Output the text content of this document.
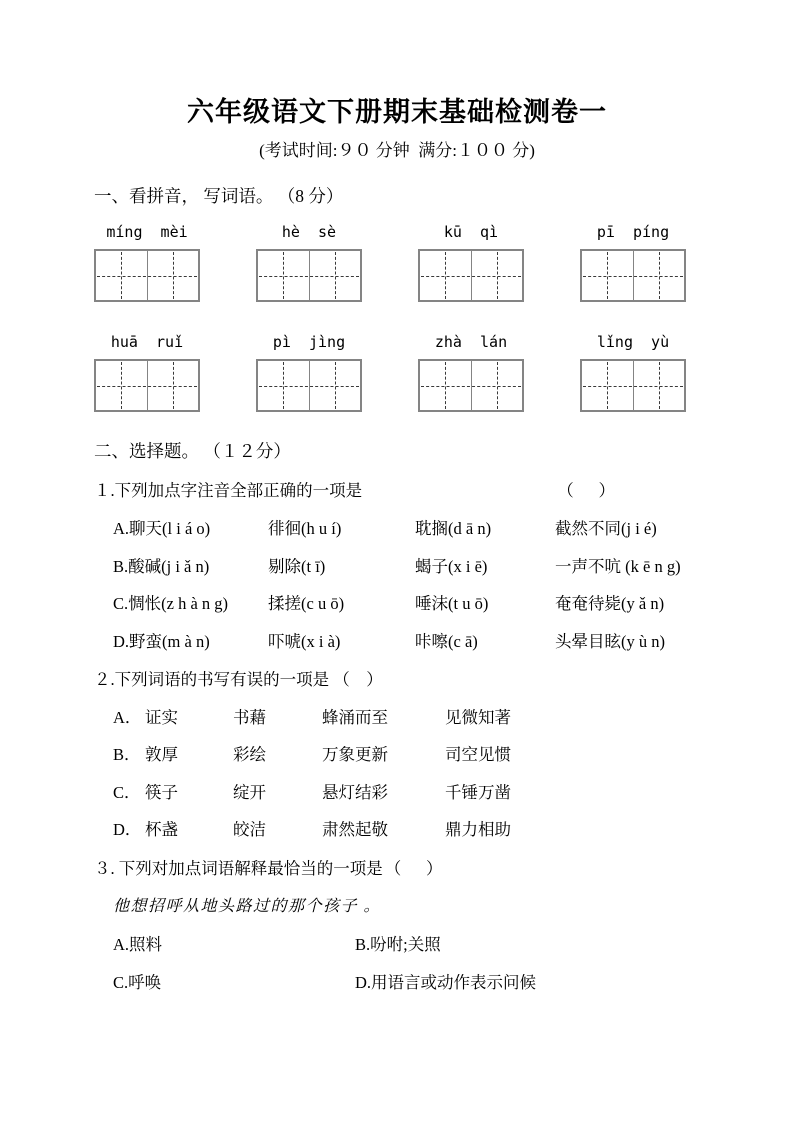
六年级语文下册期末基础检测卷一
(考试时间:９０ 分钟  满分:１００ 分)
一、看拼音， 写词语。 （8 分）
míng  mèi	hè  sè	kū  qì	pī  píng
huā  ruǐ	pì  jìng	zhà  lán	lǐng  yù
二、选择题。 （１２分）
１.下列加点字注音全部正确的一项是	（      ）
A.聊天(l i á o)	徘徊(h u í)	耽搁(d ā n)	截然不同(j i é)
B.酸碱(j i ǎ n)	剔除(t ī)	蝎子(x i ē)	一声不吭 (k ē n g)
C.惆怅(z h à n g)	揉搓(c u ō)	唾沫(t u ō)	奄奄待毙(y ǎ n)
D.野蛮(m à n)	吓唬(x i à)	咔嚓(c ā)	头晕目眩(y ù n)
２.下列词语的书写有误的一项是 （    ）
A． 证实	书藉	蜂涌而至	见微知著
B． 敦厚	彩绘	万象更新	司空见惯
C． 筷子	绽开	悬灯结彩	千锤万凿
D． 杯盏	皎洁	肃然起敬	鼎力相助
３. 下列对加点词语解释最恰当的一项是 （      ）
他想招呼从地头路过的那个孩子 。
A.照料	B.吩咐;关照
C.呼唤	D.用语言或动作表示问候
